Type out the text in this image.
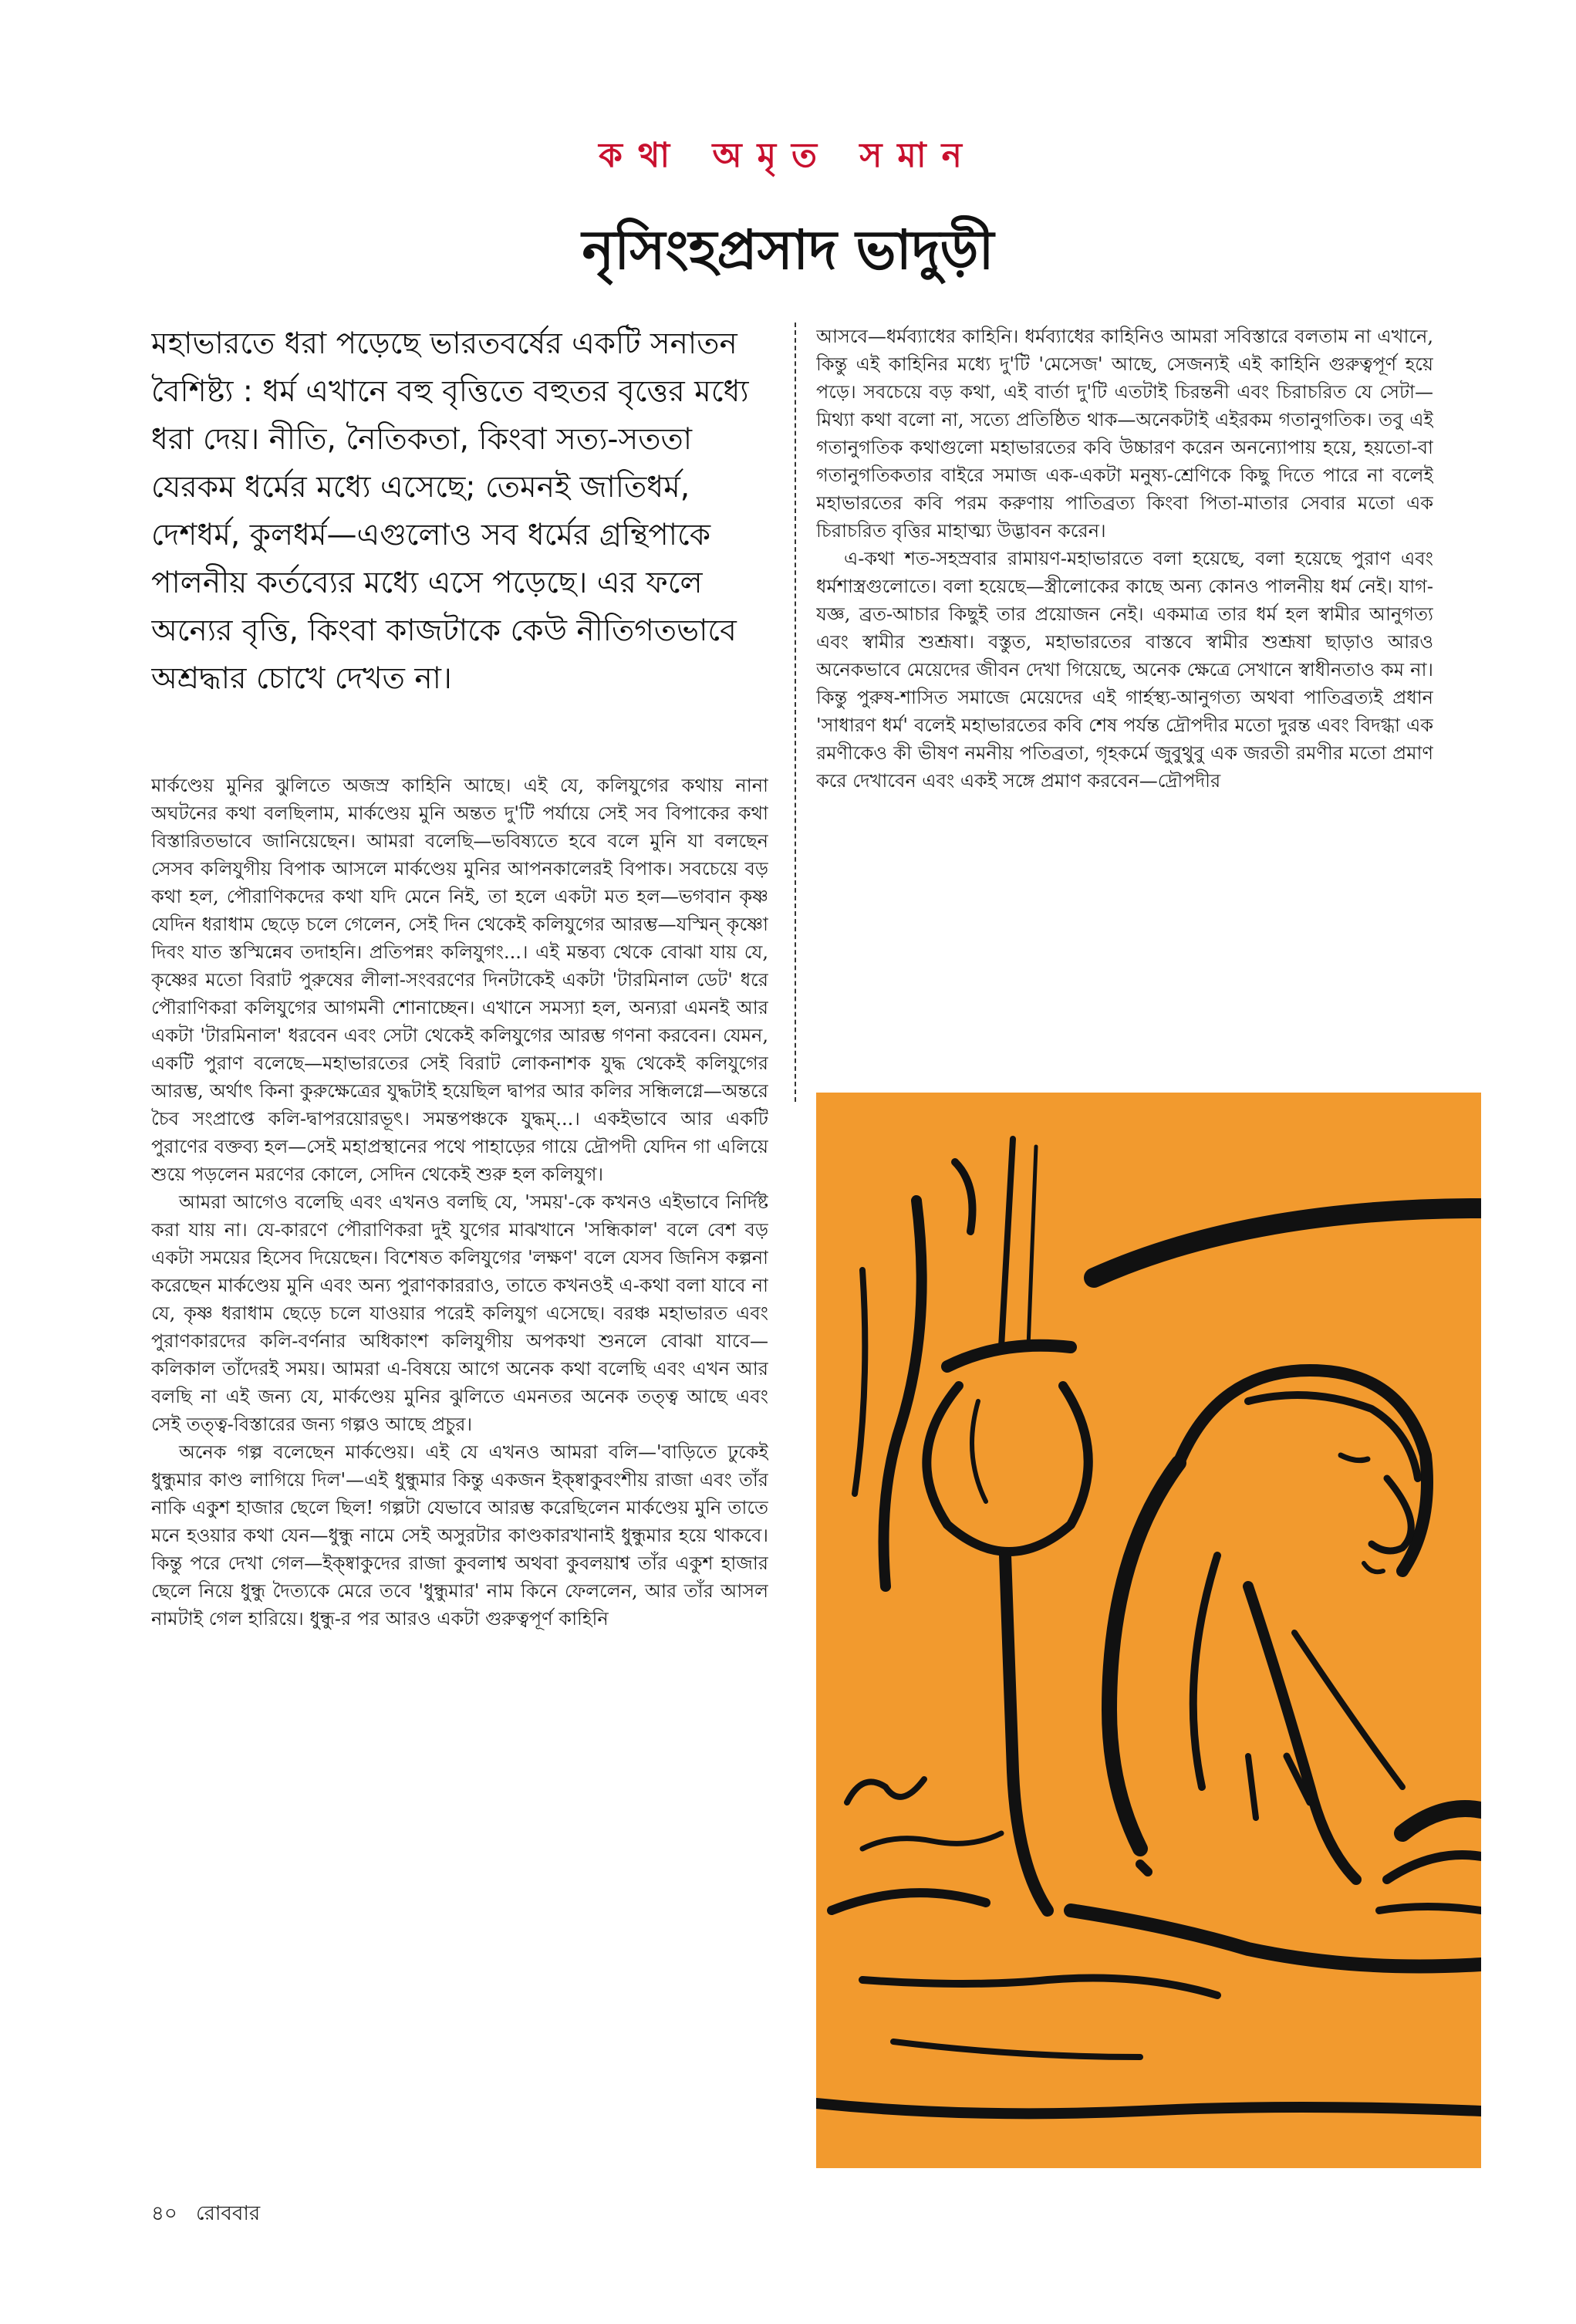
কথা অমৃত সমান
নৃসিংহপ্রসাদ ভাদুড়ী

মহাভারতে ধরা পড়েছে ভারতবর্ষের একটি সনাতন বৈশিষ্ট্য : ধর্ম এখানে বহু বৃত্তিতে বহুতর বৃত্তের মধ্যে ধরা দেয়। নীতি, নৈতিকতা, কিংবা সত্য-সততা যেরকম ধর্মের মধ্যে এসেছে; তেমনই জাতিধর্ম, দেশধর্ম, কুলধর্ম—এগুলোও সব ধর্মের গ্রন্থিপাকে পালনীয় কর্তব্যের মধ্যে এসে পড়েছে। এর ফলে অন্যের বৃত্তি, কিংবা কাজটাকে কেউ নীতিগতভাবে অশ্রদ্ধার চোখে দেখত না।

মার্কণ্ডেয় মুনির ঝুলিতে অজস্র কাহিনি আছে। এই যে, কলিযুগের কথায় নানা অঘটনের কথা বলছিলাম, মার্কণ্ডেয় মুনি অন্তত দু'টি পর্যায়ে সেই সব বিপাকের কথা বিস্তারিতভাবে জানিয়েছেন। আমরা বলেছি—ভবিষ্যতে হবে বলে মুনি যা বলছেন সেসব কলিযুগীয় বিপাক আসলে মার্কণ্ডেয় মুনির আপনকালেরই বিপাক। সবচেয়ে বড় কথা হল, পৌরাণিকদের কথা যদি মেনে নিই, তা হলে একটা মত হল—ভগবান কৃষ্ণ যেদিন ধরাধাম ছেড়ে চলে গেলেন, সেই দিন থেকেই কলিযুগের আরম্ভ—যস্মিন্ কৃষ্ণো দিবং যাত স্তস্মিন্নেব তদাহনি। প্রতিপন্নং কলিযুগং...। এই মন্তব্য থেকে বোঝা যায় যে, কৃষ্ণের মতো বিরাট পুরুষের লীলা-সংবরণের দিনটাকেই একটা 'টারমিনাল ডেট' ধরে পৌরাণিকরা কলিযুগের আগমনী শোনাচ্ছেন। এখানে সমস্যা হল, অন্যরা এমনই আর একটা 'টারমিনাল' ধরবেন এবং সেটা থেকেই কলিযুগের আরম্ভ গণনা করবেন। যেমন, একটি পুরাণ বলেছে—মহাভারতের সেই বিরাট লোকনাশক যুদ্ধ থেকেই কলিযুগের আরম্ভ, অর্থাৎ কিনা কুরুক্ষেত্রের যুদ্ধটাই হয়েছিল দ্বাপর আর কলির সন্ধিলগ্নে—অন্তরে চৈব সংপ্রাপ্তে কলি-দ্বাপরয়োরভূৎ। সমন্তপঞ্চকে যুদ্ধম্...। একইভাবে আর একটি পুরাণের বক্তব্য হল—সেই মহাপ্রস্থানের পথে পাহাড়ের গায়ে দ্রৌপদী যেদিন গা এলিয়ে শুয়ে পড়লেন মরণের কোলে, সেদিন থেকেই শুরু হল কলিযুগ।

আমরা আগেও বলেছি এবং এখনও বলছি যে, 'সময়'-কে কখনও এইভাবে নির্দিষ্ট করা যায় না। যে-কারণে পৌরাণিকরা দুই যুগের মাঝখানে 'সন্ধিকাল' বলে বেশ বড় একটা সময়ের হিসেব দিয়েছেন। বিশেষত কলিযুগের 'লক্ষণ' বলে যেসব জিনিস কল্পনা করেছেন মার্কণ্ডেয় মুনি এবং অন্য পুরাণকাররাও, তাতে কখনওই এ-কথা বলা যাবে না যে, কৃষ্ণ ধরাধাম ছেড়ে চলে যাওয়ার পরেই কলিযুগ এসেছে। বরঞ্চ মহাভারত এবং পুরাণকারদের কলি-বর্ণনার অধিকাংশ কলিযুগীয় অপকথা শুনলে বোঝা যাবে—কলিকাল তাঁদেরই সময়। আমরা এ-বিষয়ে আগে অনেক কথা বলেছি এবং এখন আর বলছি না এই জন্য যে, মার্কণ্ডেয় মুনির ঝুলিতে এমনতর অনেক তত্ত্ব আছে এবং সেই তত্ত্ব-বিস্তারের জন্য গল্পও আছে প্রচুর।

অনেক গল্প বলেছেন মার্কণ্ডেয়। এই যে এখনও আমরা বলি—'বাড়িতে ঢুকেই ধুন্ধুমার কাণ্ড লাগিয়ে দিল'—এই ধুন্ধুমার কিন্তু একজন ইক্ষ্বাকুবংশীয় রাজা এবং তাঁর নাকি একুশ হাজার ছেলে ছিল! গল্পটা যেভাবে আরম্ভ করেছিলেন মার্কণ্ডেয় মুনি তাতে মনে হওয়ার কথা যেন—ধুন্ধু নামে সেই অসুরটার কাণ্ডকারখানাই ধুন্ধুমার হয়ে থাকবে। কিন্তু পরে দেখা গেল—ইক্ষ্বাকুদের রাজা কুবলাশ্ব অথবা কুবলয়াশ্ব তাঁর একুশ হাজার ছেলে নিয়ে ধুন্ধু দৈত্যকে মেরে তবে 'ধুন্ধুমার' নাম কিনে ফেললেন, আর তাঁর আসল নামটাই গেল হারিয়ে। ধুন্ধু-র পর আরও একটা গুরুত্বপূর্ণ কাহিনি

আসবে—ধর্মব্যাধের কাহিনি। ধর্মব্যাধের কাহিনিও আমরা সবিস্তারে বলতাম না এখানে, কিন্তু এই কাহিনির মধ্যে দু'টি 'মেসেজ' আছে, সেজন্যই এই কাহিনি গুরুত্বপূর্ণ হয়ে পড়ে। সবচেয়ে বড় কথা, এই বার্তা দু'টি এতটাই চিরন্তনী এবং চিরাচরিত যে সেটা—মিথ্যা কথা বলো না, সত্যে প্রতিষ্ঠিত থাক—অনেকটাই এইরকম গতানুগতিক। তবু এই গতানুগতিক কথাগুলো মহাভারতের কবি উচ্চারণ করেন অনন্যোপায় হয়ে, হয়তো-বা গতানুগতিকতার বাইরে সমাজ এক-একটা মনুষ্য-শ্রেণিকে কিছু দিতে পারে না বলেই মহাভারতের কবি পরম করুণায় পাতিব্রত্য কিংবা পিতা-মাতার সেবার মতো এক চিরাচরিত বৃত্তির মাহাত্ম্য উদ্ভাবন করেন।

এ-কথা শত-সহস্রবার রামায়ণ-মহাভারতে বলা হয়েছে, বলা হয়েছে পুরাণ এবং ধর্মশাস্ত্রগুলোতে। বলা হয়েছে—স্ত্রীলোকের কাছে অন্য কোনও পালনীয় ধর্ম নেই। যাগ-যজ্ঞ, ব্রত-আচার কিছুই তার প্রয়োজন নেই। একমাত্র তার ধর্ম হল স্বামীর আনুগত্য এবং স্বামীর শুশ্রূষা। বস্তুত, মহাভারতের বাস্তবে স্বামীর শুশ্রূষা ছাড়াও আরও অনেকভাবে মেয়েদের জীবন দেখা গিয়েছে, অনেক ক্ষেত্রে সেখানে স্বাধীনতাও কম না। কিন্তু পুরুষ-শাসিত সমাজে মেয়েদের এই গার্হস্থ্য-আনুগত্য অথবা পাতিব্রত্যই প্রধান 'সাধারণ ধর্ম' বলেই মহাভারতের কবি শেষ পর্যন্ত দ্রৌপদীর মতো দুরন্ত এবং বিদগ্ধা এক রমণীকেও কী ভীষণ নমনীয় পতিব্রতা, গৃহকর্মে জুবুথুবু এক জরতী রমণীর মতো প্রমাণ করে দেখাবেন এবং একই সঙ্গে প্রমাণ করবেন—দ্রৌপদীর

৪০ রোববার
